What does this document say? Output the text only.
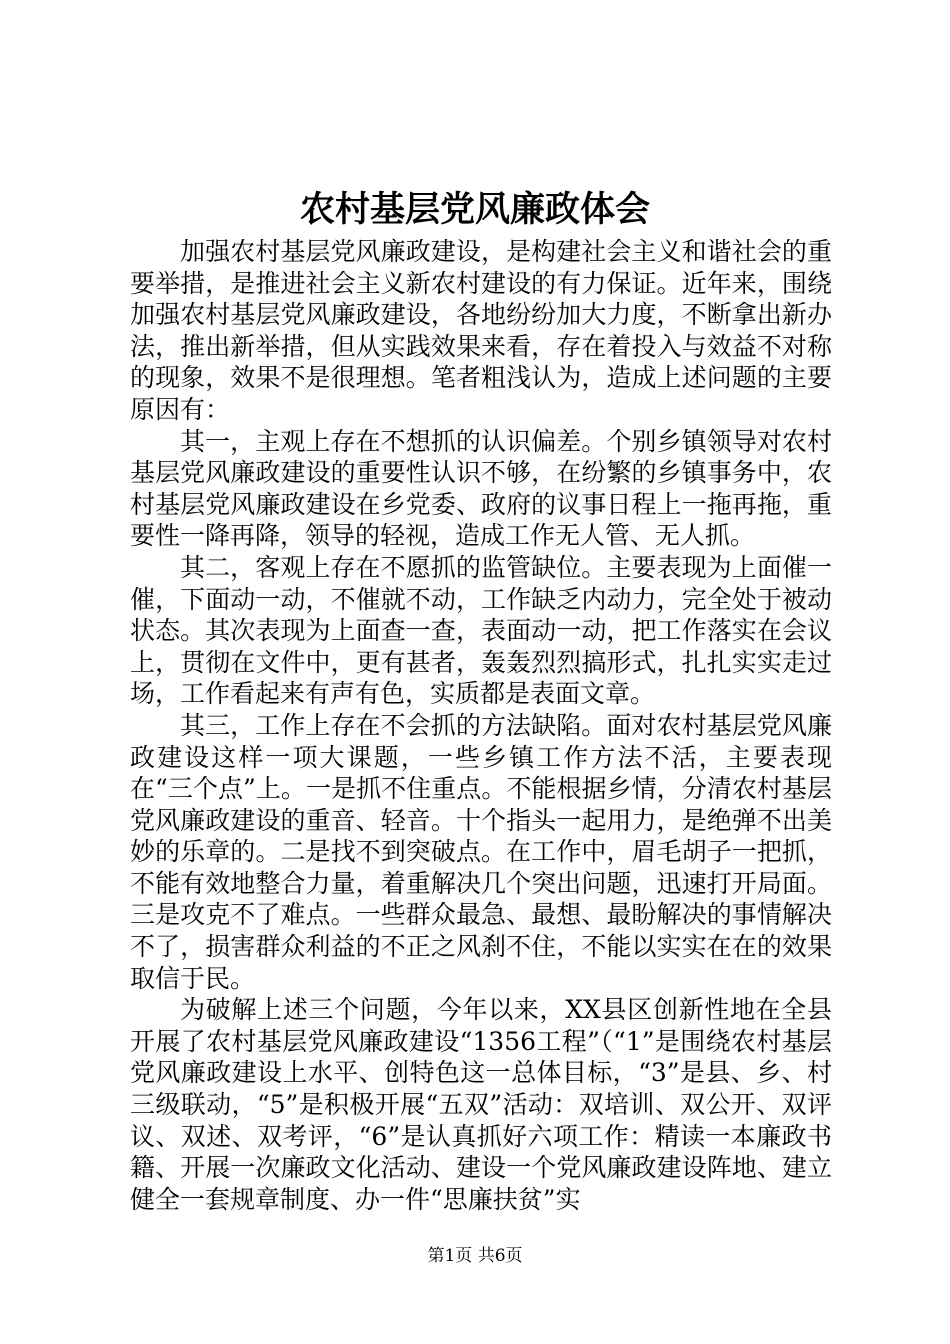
农村基层党风廉政体会

加强农村基层党风廉政建设，是构建社会主义和谐社会的重要举措，是推进社会主义新农村建设的有力保证。近年来，围绕加强农村基层党风廉政建设，各地纷纷加大力度，不断拿出新办法，推出新举措，但从实践效果来看，存在着投入与效益不对称的现象，效果不是很理想。笔者粗浅认为，造成上述问题的主要原因有：

其一，主观上存在不想抓的认识偏差。个别乡镇领导对农村基层党风廉政建设的重要性认识不够，在纷繁的乡镇事务中，农村基层党风廉政建设在乡党委、政府的议事日程上一拖再拖，重要性一降再降，领导的轻视，造成工作无人管、无人抓。

其二，客观上存在不愿抓的监管缺位。主要表现为上面催一催，下面动一动，不催就不动，工作缺乏内动力，完全处于被动状态。其次表现为上面查一查，表面动一动，把工作落实在会议上，贯彻在文件中，更有甚者，轰轰烈烈搞形式，扎扎实实走过场，工作看起来有声有色，实质都是表面文章。

其三，工作上存在不会抓的方法缺陷。面对农村基层党风廉政建设这样一项大课题，一些乡镇工作方法不活，主要表现在“三个点”上。一是抓不住重点。不能根据乡情，分清农村基层党风廉政建设的重音、轻音。十个指头一起用力，是绝弹不出美妙的乐章的。二是找不到突破点。在工作中，眉毛胡子一把抓，不能有效地整合力量，着重解决几个突出问题，迅速打开局面。三是攻克不了难点。一些群众最急、最想、最盼解决的事情解决不了，损害群众利益的不正之风刹不住，不能以实实在在的效果取信于民。

为破解上述三个问题，今年以来，XX县区创新性地在全县开展了农村基层党风廉政建设“1356工程”（“1”是围绕农村基层党风廉政建设上水平、创特色这一总体目标，“3”是县、乡、村三级联动，“5”是积极开展“五双”活动：双培训、双公开、双评议、双述、双考评，“6”是认真抓好六项工作：精读一本廉政书籍、开展一次廉政文化活动、建设一个党风廉政建设阵地、建立健全一套规章制度、办一件“思廉扶贫”实

第1页 共6页
